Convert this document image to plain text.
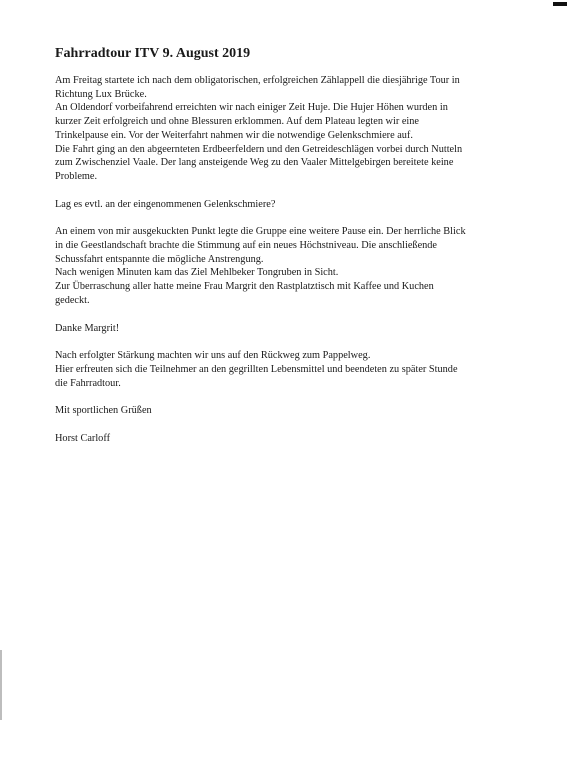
Fahrradtour ITV 9. August 2019
Am Freitag startete ich nach dem obligatorischen, erfolgreichen Zählappell die diesjährige Tour in
Richtung Lux Brücke.
An Oldendorf vorbeifahrend erreichten wir nach einiger Zeit Huje. Die Hujer Höhen wurden in
kurzer Zeit erfolgreich und ohne Blessuren erklommen. Auf dem Plateau legten wir eine
Trinkelpause ein. Vor der Weiterfahrt nahmen wir die notwendige Gelenkschmiere auf.
Die Fahrt ging an den abgeernteten Erdbeerfeldern und den Getreideschlägen vorbei durch Nutteln
zum Zwischenziel Vaale. Der lang ansteigende Weg zu den Vaaler Mittelgebirgen bereitete keine
Probleme.
Lag es evtl. an der eingenommenen Gelenkschmiere?
An einem von mir ausgekuckten Punkt legte die Gruppe eine weitere Pause ein. Der herrliche Blick
in die Geestlandschaft brachte die Stimmung auf ein neues Höchstniveau. Die anschließende
Schussfahrt entspannte die mögliche Anstrengung.
Nach wenigen Minuten kam das Ziel Mehlbeker Tongruben in Sicht.
Zur Überraschung aller hatte meine Frau Margrit den Rastplatztisch mit Kaffee und Kuchen
gedeckt.
Danke Margrit!
Nach erfolgter Stärkung machten wir uns auf den Rückweg zum Pappelweg.
Hier erfreuten sich die Teilnehmer an den gegrillten Lebensmittel und beendeten zu später Stunde
die Fahrradtour.
Mit sportlichen Grüßen
Horst Carloff
